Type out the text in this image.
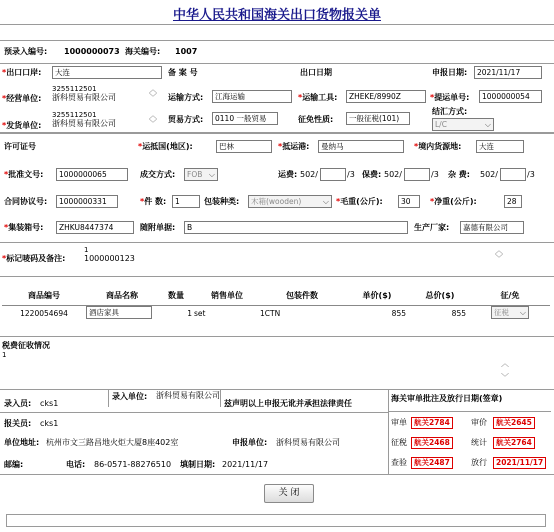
中华人民共和国海关出口货物报关单
预录入编号: 1000000073 海关编号: 1007
*出口口岸:	大连	备 案 号	出口日期	申报日期:	2021/11/17
*经营单位:
3255112501
浙科贸易有限公司
︿
﹀ 运输方式:	江海运输	*运输工具:	ZHEKE/8990Z	*提运单号:	1000000054
*发货单位:
3255112501
浙科贸易有限公司
︿
﹀ 贸易方式:	0110 一般贸易	征免性质:	一般征税(101)
结汇方式:
L/C	⌵
许可证号	*运抵国(地区):	巴林	*抵运港:	曼纳马	*境内货源地:	大连
*批准文号:	1000000065	成交方式:	FOB ⌵	运费: 502/	/3 保费: 502/	/3 杂 费: 502/	/3
合同协议号:	1000000331	*件 数:	1	包装种类:	木箱(wooden)	⌵ *毛重(公斤):	30	*净重(公斤):	28
*集装箱号:	ZHKU8447374	随附单据:	B	生产厂家:	嘉德有限公司
*标记唛码及备注:
1
1000000123
︿
﹀
商品编号	商品名称	数量	销售单位	包装件数	单价($)	总价($)	征/免
1220054694	酒店家具	1	set	1CTN	855	855	征税 ⌵
税费征收情况
1
︿
﹀
录入员: cks1
录入单位: 浙科贸易有限公司
兹声明以上申报无讹并承担法律责任
报关员: cks1
单位地址: 杭州市文三路昌地火炬大厦8座402室	申报单位: 浙科贸易有限公司
邮编:	电话: 86-0571-88276510 填制日期: 2021/11/17
海关审单批注及放行日期(签章)
审单 航关2784	审价	航关2645
征税 航关2468	统计	航关2764
查验 航关2487	放行	2021/11/17
关 闭
